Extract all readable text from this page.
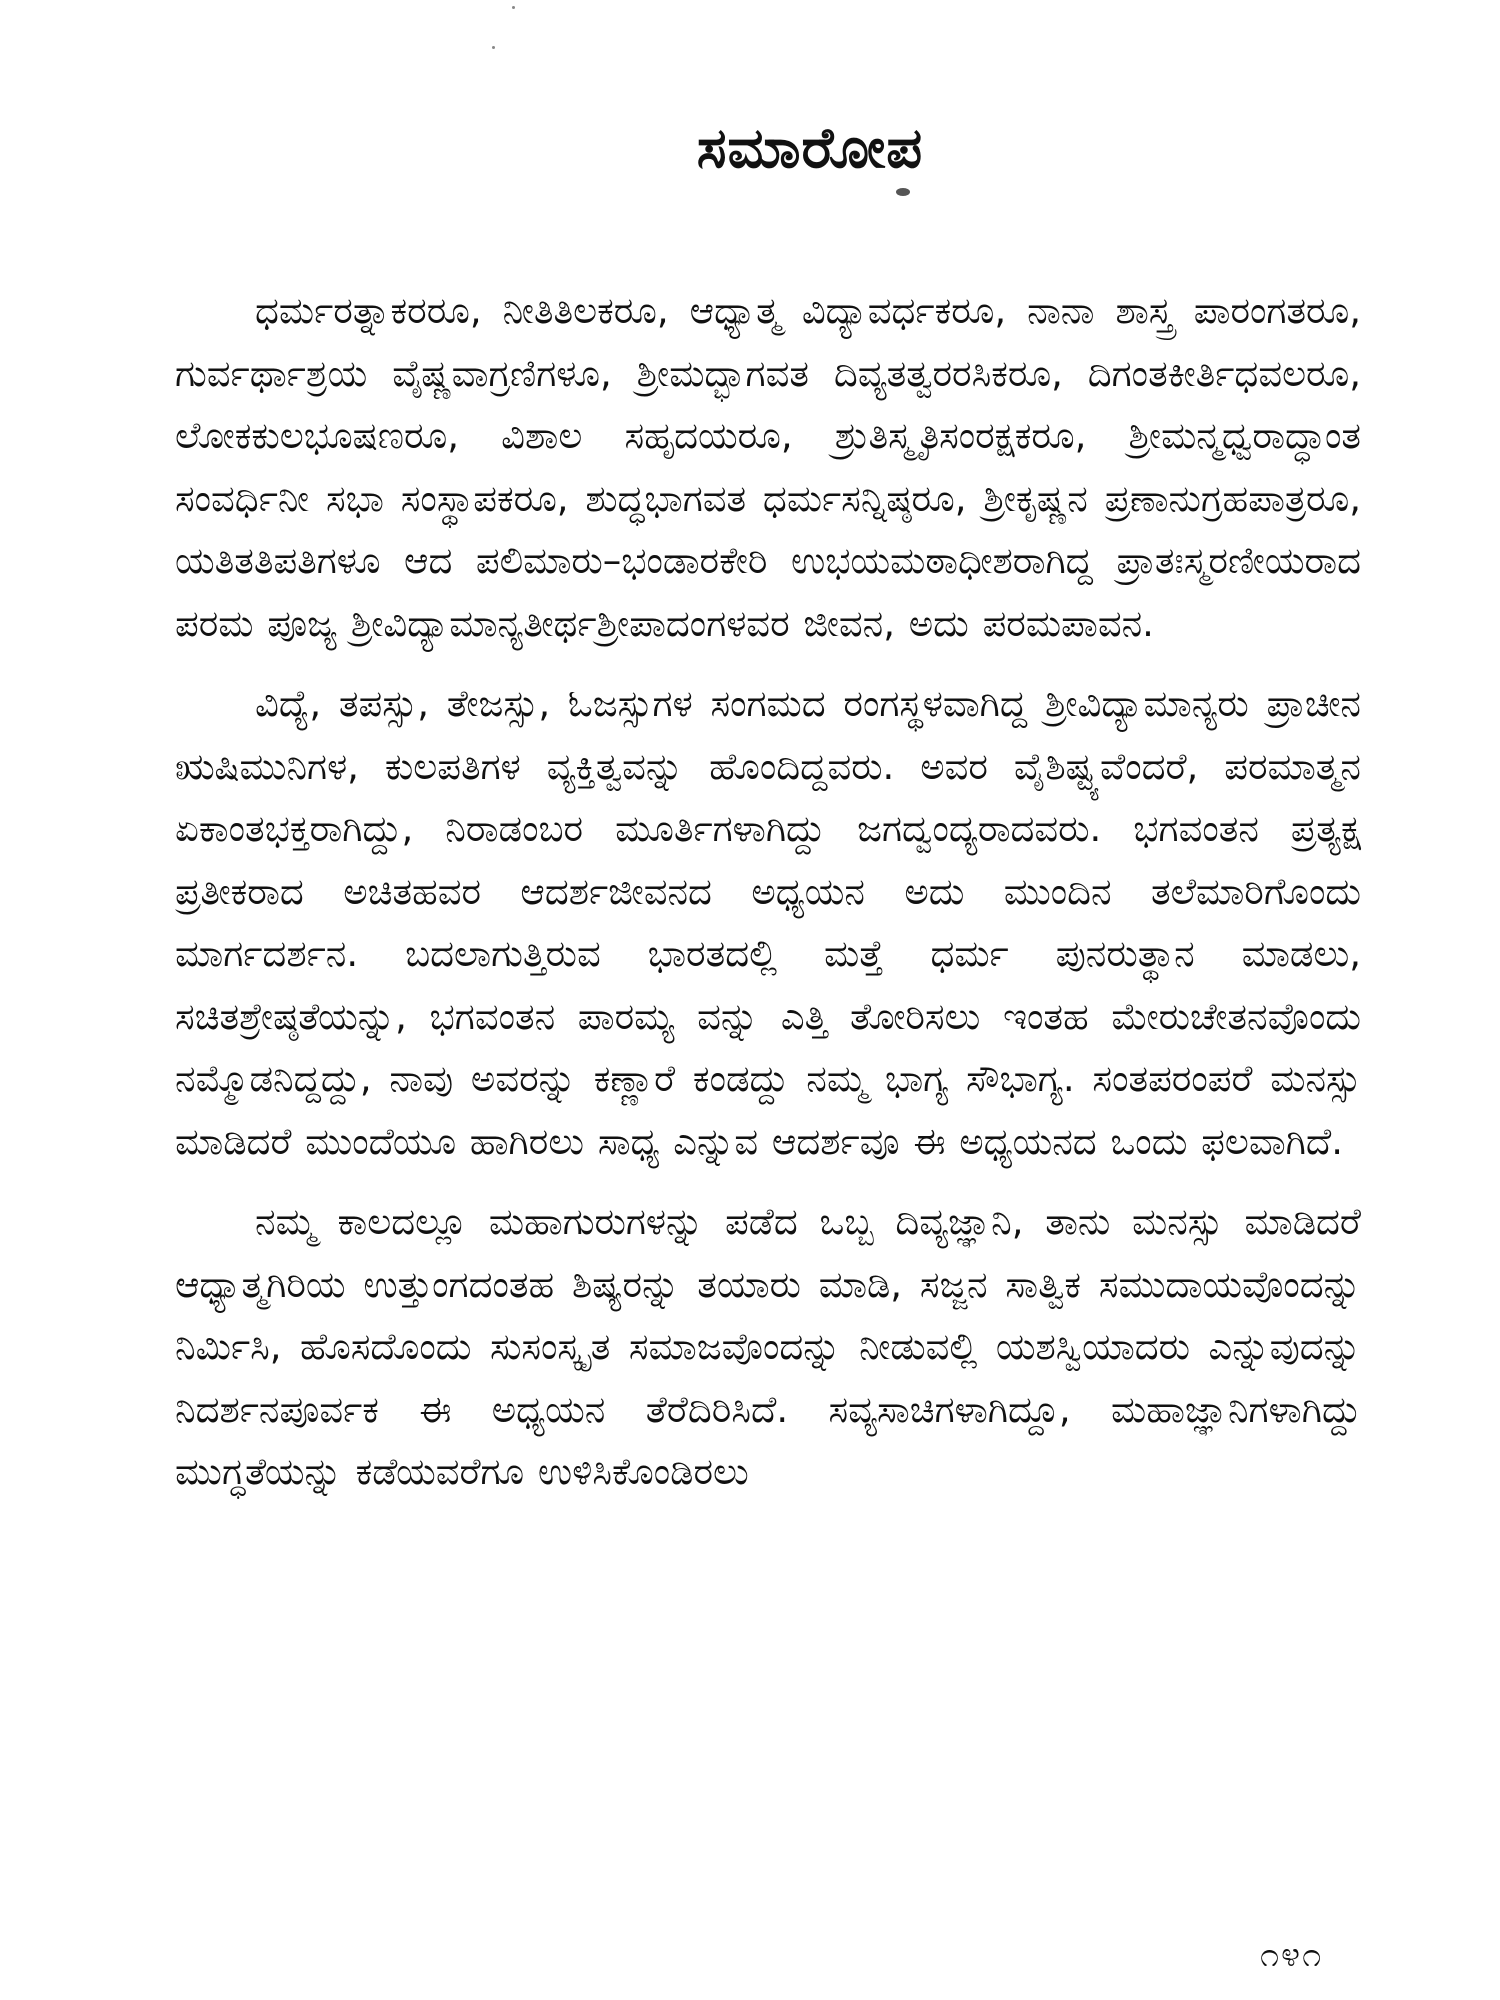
ಸಮಾರೋಪ

ಧರ್ಮರತ್ನಾಕರರೂ, ನೀತಿತಿಲಕರೂ, ಆಧ್ಯಾತ್ಮ ವಿದ್ಯಾವರ್ಧಕರೂ, ನಾನಾ ಶಾಸ್ತ್ರ ಪಾರಂಗತರೂ, ಗುರ್ವರ್ಥಾಶ್ರಯ ವೈಷ್ಣವಾಗ್ರಣಿಗಳೂ, ಶ್ರೀಮದ್ಭಾಗವತ ದಿವ್ಯತತ್ವರರಸಿಕರೂ, ದಿಗಂತಕೀರ್ತಿಧವಲರೂ, ಲೋಕಕುಲಭೂಷಣರೂ, ವಿಶಾಲ ಸಹೃದಯರೂ, ಶ್ರುತಿಸ್ಮೃತಿಸಂರಕ್ಷಕರೂ, ಶ್ರೀಮನ್ಮಧ್ವರಾದ್ಧಾಂತ ಸಂವರ್ಧಿನೀ ಸಭಾ ಸಂಸ್ಥಾಪಕರೂ, ಶುದ್ಧಭಾಗವತ ಧರ್ಮಸನ್ನಿಷ್ಠರೂ, ಶ್ರೀಕೃಷ್ಣನ ಪ್ರಣಾನುಗ್ರಹಪಾತ್ರರೂ, ಯತಿತತಿಪತಿಗಳೂ ಆದ ಪಲಿಮಾರು–ಭಂಡಾರಕೇರಿ ಉಭಯಮಠಾಧೀಶರಾಗಿದ್ದ ಪ್ರಾತಃಸ್ಮರಣೀಯರಾದ ಪರಮ ಪೂಜ್ಯ ಶ್ರೀವಿದ್ಯಾಮಾನ್ಯತೀರ್ಥಶ್ರೀಪಾದಂಗಳವರ ಜೀವನ, ಅದು ಪರಮಪಾವನ.

ವಿದ್ಯೆ, ತಪಸ್ಸು, ತೇಜಸ್ಸು, ಓಜಸ್ಸುಗಳ ಸಂಗಮದ ರಂಗಸ್ಥಳವಾಗಿದ್ದ ಶ್ರೀವಿದ್ಯಾಮಾನ್ಯರು ಪ್ರಾಚೀನ ಋಷಿಮುನಿಗಳ, ಕುಲಪತಿಗಳ ವ್ಯಕ್ತಿತ್ವವನ್ನು ಹೊಂದಿದ್ದವರು. ಅವರ ವೈಶಿಷ್ಟ್ಯವೆಂದರೆ, ಪರಮಾತ್ಮನ ಏಕಾಂತಭಕ್ತರಾಗಿದ್ದು, ನಿರಾಡಂಬರ ಮೂರ್ತಿಗಳಾಗಿದ್ದು ಜಗದ್ವಂದ್ಯರಾದವರು. ಭಗವಂತನ ಪ್ರತ್ಯಕ್ಷ ಪ್ರತೀಕರಾದ ಅಚಿತಹವರ ಆದರ್ಶಜೀವನದ ಅಧ್ಯಯನ ಅದು ಮುಂದಿನ ತಲೆಮಾರಿಗೊಂದು ಮಾರ್ಗದರ್ಶನ. ಬದಲಾಗುತ್ತಿರುವ ಭಾರತದಲ್ಲಿ ಮತ್ತೆ ಧರ್ಮ ಪುನರುತ್ಥಾನ ಮಾಡಲು, ಸಚಿತಶ್ರೇಷ್ಠತೆಯನ್ನು, ಭಗವಂತನ ಪಾರಮ್ಯ ವನ್ನು ಎತ್ತಿ ತೋರಿಸಲು ಇಂತಹ ಮೇರುಚೇತನವೊಂದು ನಮ್ಮೊಡನಿದ್ದದ್ದು, ನಾವು ಅವರನ್ನು ಕಣ್ಣಾರೆ ಕಂಡದ್ದು ನಮ್ಮ ಭಾಗ್ಯ ಸೌಭಾಗ್ಯ. ಸಂತಪರಂಪರೆ ಮನಸ್ಸು ಮಾಡಿದರೆ ಮುಂದೆಯೂ ಹಾಗಿರಲು ಸಾಧ್ಯ ಎನ್ನುವ ಆದರ್ಶವೂ ಈ ಅಧ್ಯಯನದ ಒಂದು ಫಲವಾಗಿದೆ.

ನಮ್ಮ ಕಾಲದಲ್ಲೂ ಮಹಾಗುರುಗಳನ್ನು ಪಡೆದ ಒಬ್ಬ ದಿವ್ಯಜ್ಞಾನಿ, ತಾನು ಮನಸ್ಸು ಮಾಡಿದರೆ ಆಧ್ಯಾತ್ಮಗಿರಿಯ ಉತ್ತುಂಗದಂತಹ ಶಿಷ್ಯರನ್ನು ತಯಾರು ಮಾಡಿ, ಸಜ್ಜನ ಸಾತ್ವಿಕ ಸಮುದಾಯವೊಂದನ್ನು ನಿರ್ಮಿಸಿ, ಹೊಸದೊಂದು ಸುಸಂಸ್ಕೃತ ಸಮಾಜವೊಂದನ್ನು ನೀಡುವಲ್ಲಿ ಯಶಸ್ವಿಯಾದರು ಎನ್ನುವುದನ್ನು ನಿದರ್ಶನಪೂರ್ವಕ ಈ ಅಧ್ಯಯನ ತೆರೆದಿರಿಸಿದೆ. ಸವ್ಯಸಾಚಿಗಳಾಗಿದ್ದೂ, ಮಹಾಜ್ಞಾನಿಗಳಾಗಿದ್ದು ಮುಗ್ಧತೆಯನ್ನು ಕಡೆಯವರೆಗೂ ಉಳಿಸಿಕೊಂಡಿರಲು

೧೪೧
